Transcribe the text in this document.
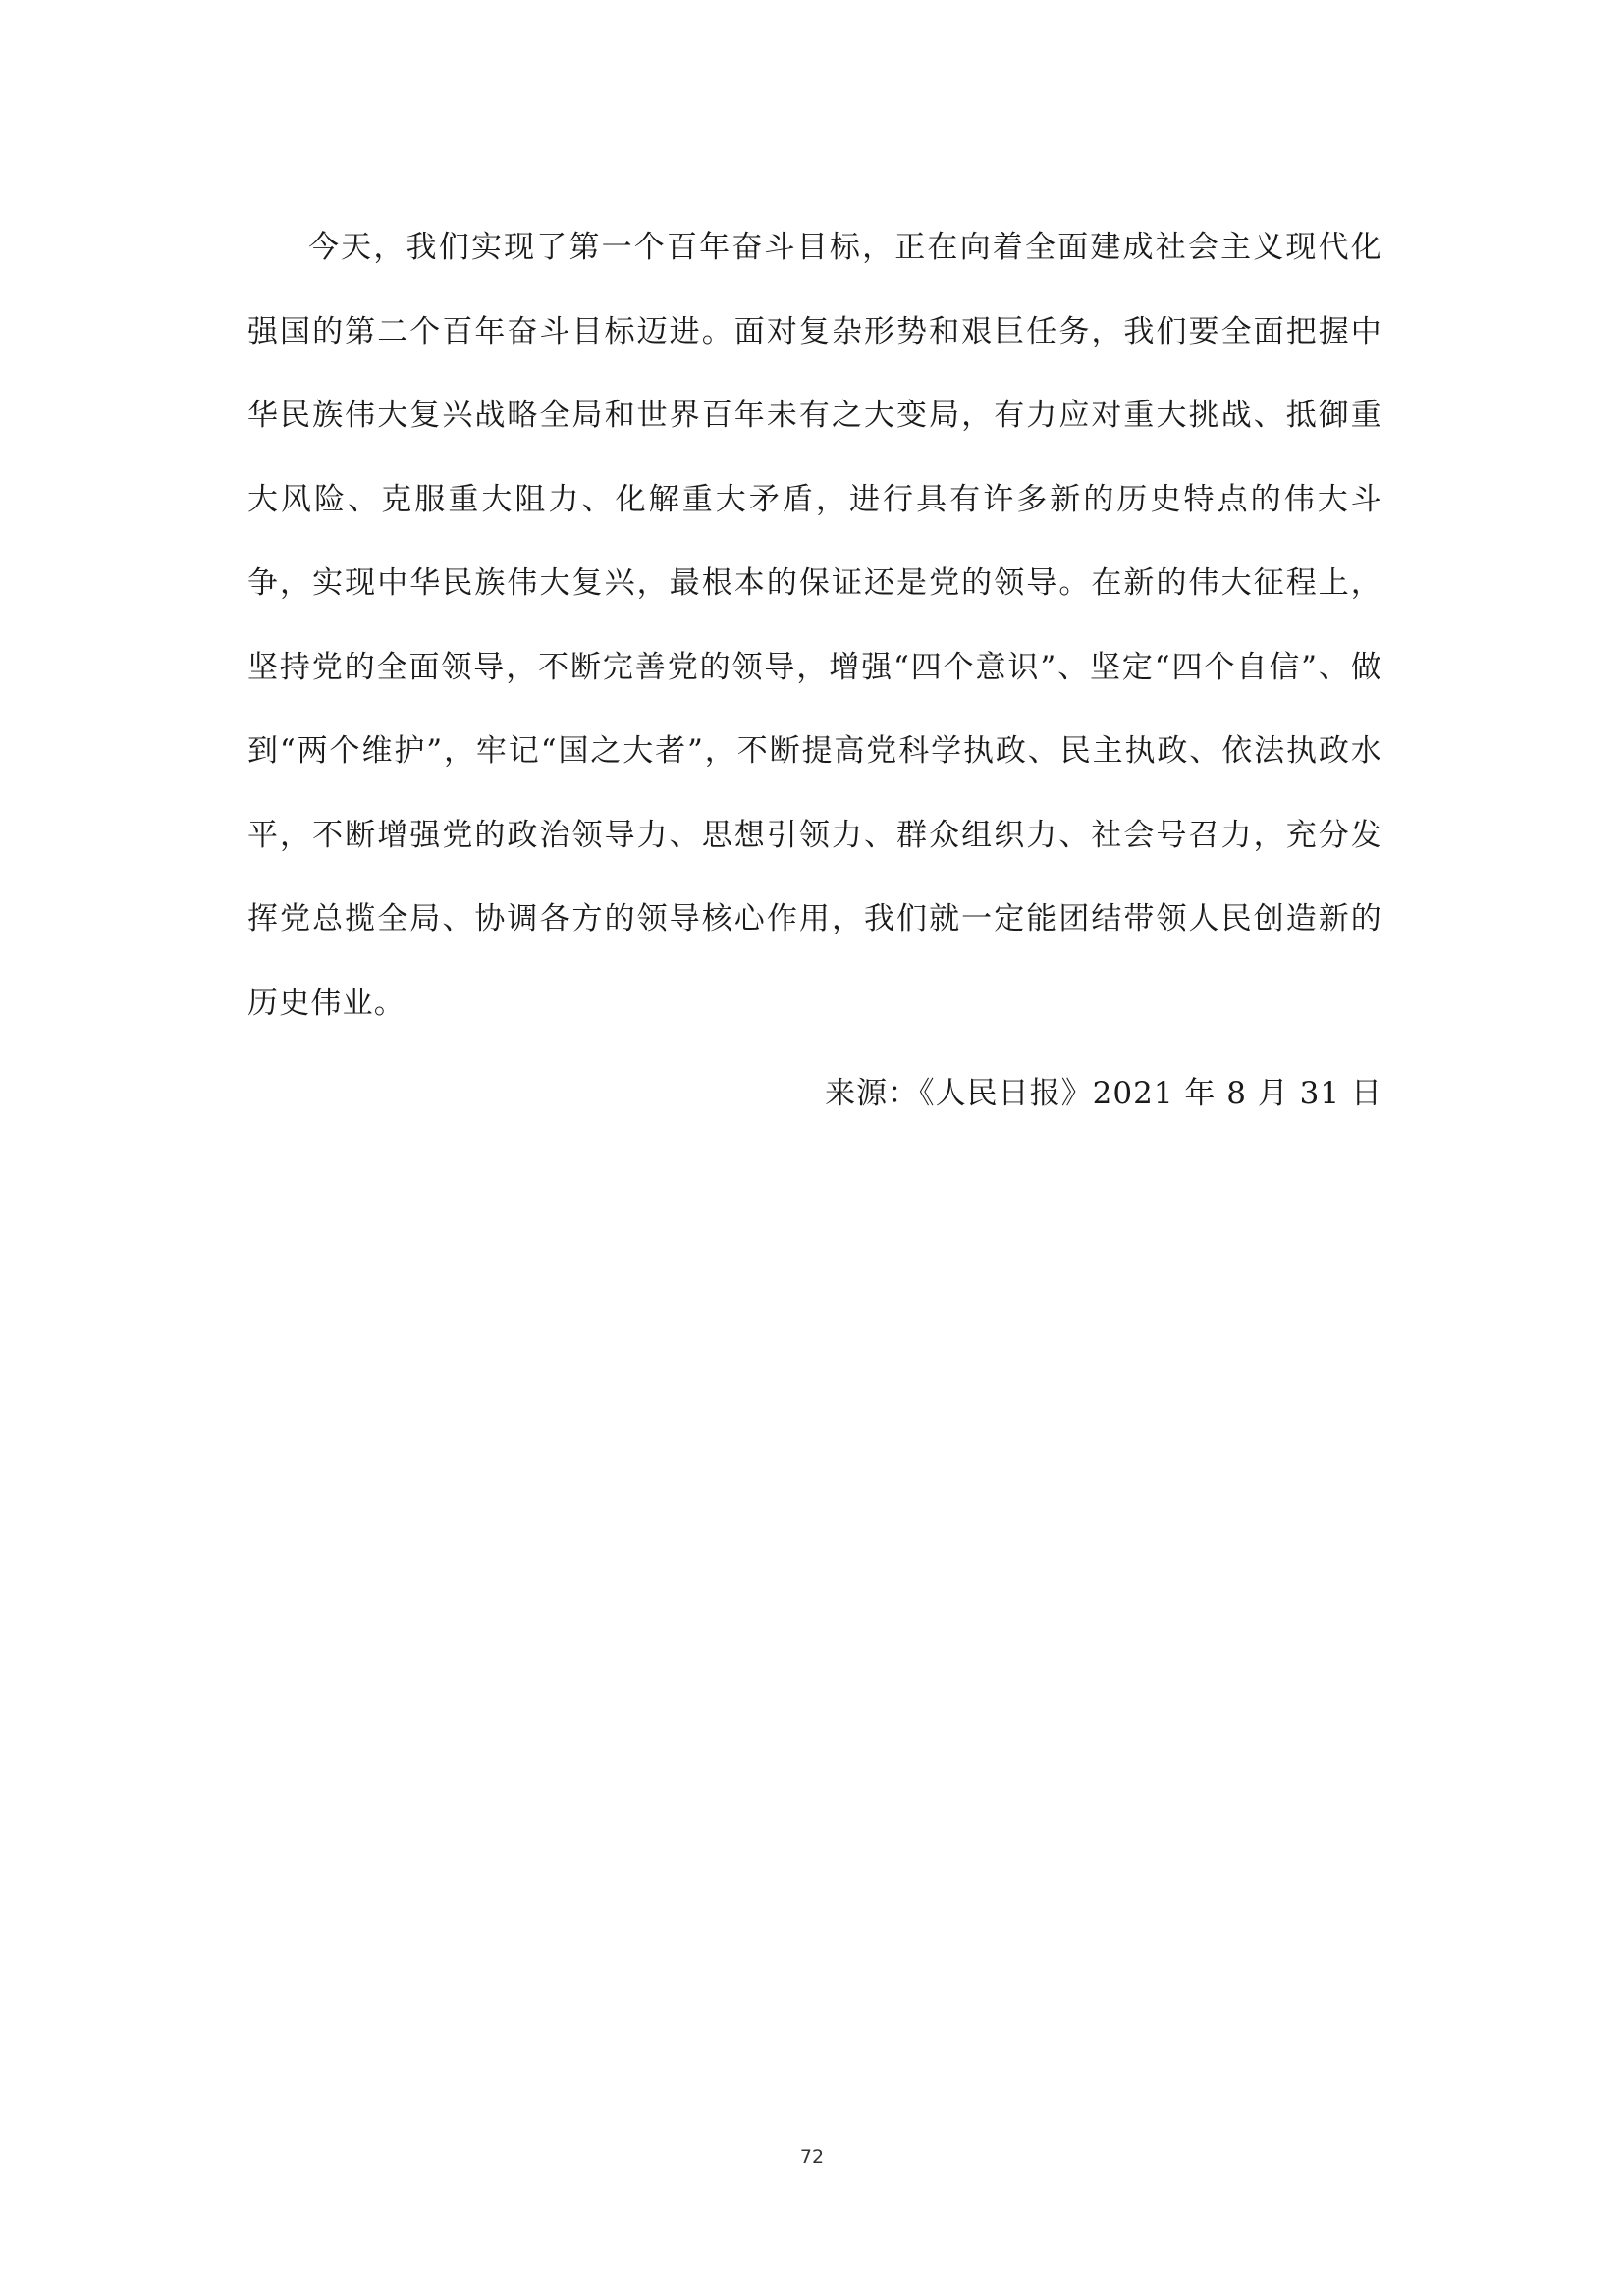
今天，我们实现了第一个百年奋斗目标，正在向着全面建成社会主义现代化强国的第二个百年奋斗目标迈进。面对复杂形势和艰巨任务，我们要全面把握中华民族伟大复兴战略全局和世界百年未有之大变局，有力应对重大挑战、抵御重大风险、克服重大阻力、化解重大矛盾，进行具有许多新的历史特点的伟大斗争，实现中华民族伟大复兴，最根本的保证还是党的领导。在新的伟大征程上，坚持党的全面领导，不断完善党的领导，增强“四个意识”、坚定“四个自信”、做到“两个维护”，牢记“国之大者”，不断提高党科学执政、民主执政、依法执政水平，不断增强党的政治领导力、思想引领力、群众组织力、社会号召力，充分发挥党总揽全局、协调各方的领导核心作用，我们就一定能团结带领人民创造新的历史伟业。

来源：《人民日报》2021 年 8 月 31 日

72
